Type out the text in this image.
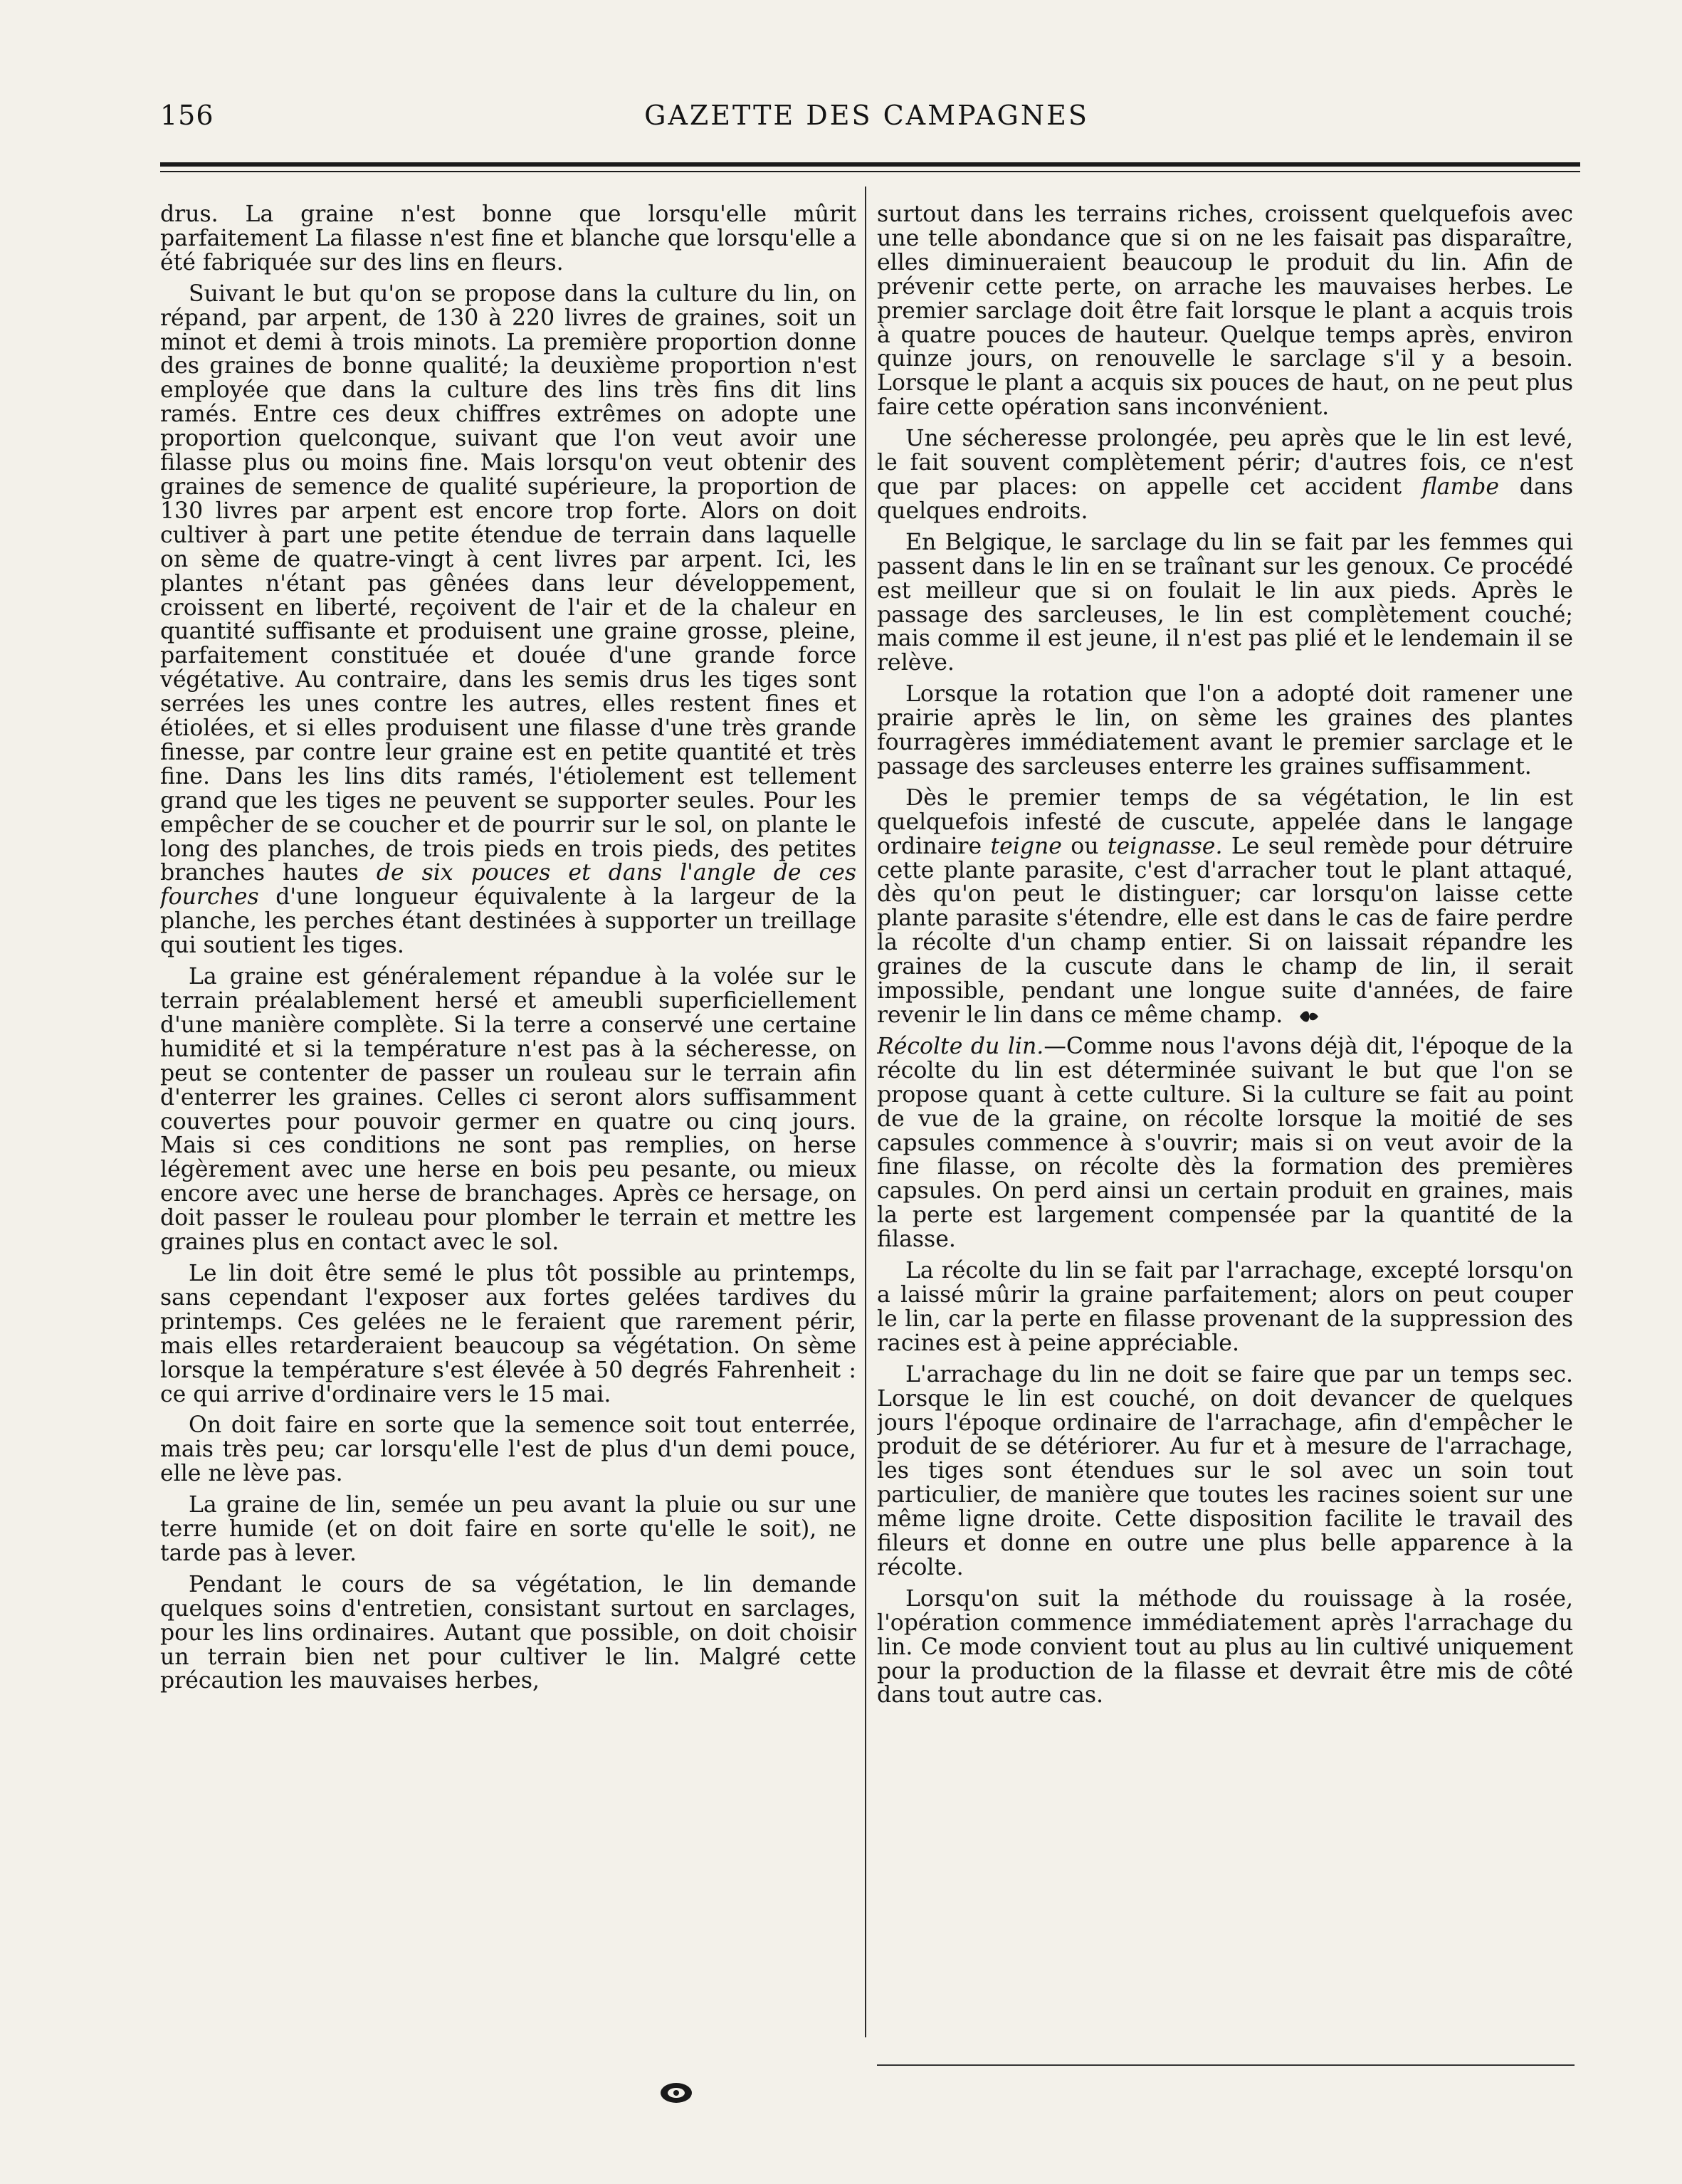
156	GAZETTE DES CAMPAGNES

drus. La graine n'est bonne que lorsqu'elle mûrit parfaitement La filasse n'est fine et blanche que lorsqu'elle a été fabriquée sur des lins en fleurs.

Suivant le but qu'on se propose dans la culture du lin, on répand, par arpent, de 130 à 220 livres de graines, soit un minot et demi à trois minots. La première proportion donne des graines de bonne qualité; la deuxième proportion n'est employée que dans la culture des lins très fins dit lins ramés. Entre ces deux chiffres extrêmes on adopte une proportion quelconque, suivant que l'on veut avoir une filasse plus ou moins fine. Mais lorsqu'on veut obtenir des graines de semence de qualité supérieure, la proportion de 130 livres par arpent est encore trop forte. Alors on doit cultiver à part une petite étendue de terrain dans laquelle on sème de quatre-vingt à cent livres par arpent. Ici, les plantes n'étant pas gênées dans leur développement, croissent en liberté, reçoivent de l'air et de la chaleur en quantité suffisante et produisent une graine grosse, pleine, parfaitement constituée et douée d'une grande force végétative. Au contraire, dans les semis drus les tiges sont serrées les unes contre les autres, elles restent fines et étiolées, et si elles produisent une filasse d'une très grande finesse, par contre leur graine est en petite quantité et très fine. Dans les lins dits ramés, l'étiolement est tellement grand que les tiges ne peuvent se supporter seules. Pour les empêcher de se coucher et de pourrir sur le sol, on plante le long des planches, de trois pieds en trois pieds, des petites branches hautes de six pouces et dans l'angle de ces fourches d'une longueur équivalente à la largeur de la planche, les perches étant destinées à supporter un treillage qui soutient les tiges.

La graine est généralement répandue à la volée sur le terrain préalablement hersé et ameubli superficiellement d'une manière complète. Si la terre a conservé une certaine humidité et si la température n'est pas à la sécheresse, on peut se contenter de passer un rouleau sur le terrain afin d'enterrer les graines. Celles ci seront alors suffisamment couvertes pour pouvoir germer en quatre ou cinq jours. Mais si ces conditions ne sont pas remplies, on herse légèrement avec une herse en bois peu pesante, ou mieux encore avec une herse de branchages. Après ce hersage, on doit passer le rouleau pour plomber le terrain et mettre les graines plus en contact avec le sol.

Le lin doit être semé le plus tôt possible au printemps, sans cependant l'exposer aux fortes gelées tardives du printemps. Ces gelées ne le feraient que rarement périr, mais elles retarderaient beaucoup sa végétation. On sème lorsque la température s'est élevée à 50 degrés Fahrenheit : ce qui arrive d'ordinaire vers le 15 mai.

On doit faire en sorte que la semence soit tout enterrée, mais très peu; car lorsqu'elle l'est de plus d'un demi pouce, elle ne lève pas.

La graine de lin, semée un peu avant la pluie ou sur une terre humide (et on doit faire en sorte qu'elle le soit), ne tarde pas à lever.

Pendant le cours de sa végétation, le lin demande quelques soins d'entretien, consistant surtout en sarclages, pour les lins ordinaires. Autant que possible, on doit choisir un terrain bien net pour cultiver le lin. Malgré cette précaution les mauvaises herbes,

surtout dans les terrains riches, croissent quelquefois avec une telle abondance que si on ne les faisait pas disparaître, elles diminueraient beaucoup le produit du lin. Afin de prévenir cette perte, on arrache les mauvaises herbes. Le premier sarclage doit être fait lorsque le plant a acquis trois à quatre pouces de hauteur. Quelque temps après, environ quinze jours, on renouvelle le sarclage s'il y a besoin. Lorsque le plant a acquis six pouces de haut, on ne peut plus faire cette opération sans inconvénient.

Une sécheresse prolongée, peu après que le lin est levé, le fait souvent complètement périr; d'autres fois, ce n'est que par places: on appelle cet accident flambe dans quelques endroits.

En Belgique, le sarclage du lin se fait par les femmes qui passent dans le lin en se traînant sur les genoux. Ce procédé est meilleur que si on foulait le lin aux pieds. Après le passage des sarcleuses, le lin est complètement couché; mais comme il est jeune, il n'est pas plié et le lendemain il se relève.

Lorsque la rotation que l'on a adopté doit ramener une prairie après le lin, on sème les graines des plantes fourragères immédiatement avant le premier sarclage et le passage des sarcleuses enterre les graines suffisamment.

Dès le premier temps de sa végétation, le lin est quelquefois infesté de cuscute, appelée dans le langage ordinaire teigne ou teignasse. Le seul remède pour détruire cette plante parasite, c'est d'arracher tout le plant attaqué, dès qu'on peut le distinguer; car lorsqu'on laisse cette plante parasite s'étendre, elle est dans le cas de faire perdre la récolte d'un champ entier. Si on laissait répandre les graines de la cuscute dans le champ de lin, il serait impossible, pendant une longue suite d'années, de faire revenir le lin dans ce même champ.

Récolte du lin.—Comme nous l'avons déjà dit, l'époque de la récolte du lin est déterminée suivant le but que l'on se propose quant à cette culture. Si la culture se fait au point de vue de la graine, on récolte lorsque la moitié de ses capsules commence à s'ouvrir; mais si on veut avoir de la fine filasse, on récolte dès la formation des premières capsules. On perd ainsi un certain produit en graines, mais la perte est largement compensée par la quantité de la filasse.

La récolte du lin se fait par l'arrachage, excepté lorsqu'on a laissé mûrir la graine parfaitement; alors on peut couper le lin, car la perte en filasse provenant de la suppression des racines est à peine appréciable.

L'arrachage du lin ne doit se faire que par un temps sec. Lorsque le lin est couché, on doit devancer de quelques jours l'époque ordinaire de l'arrachage, afin d'empêcher le produit de se détériorer. Au fur et à mesure de l'arrachage, les tiges sont étendues sur le sol avec un soin tout particulier, de manière que toutes les racines soient sur une même ligne droite. Cette disposition facilite le travail des fileurs et donne en outre une plus belle apparence à la récolte.

Lorsqu'on suit la méthode du rouissage à la rosée, l'opération commence immédiatement après l'arrachage du lin. Ce mode convient tout au plus au lin cultivé uniquement pour la production de la filasse et devrait être mis de côté dans tout autre cas.
